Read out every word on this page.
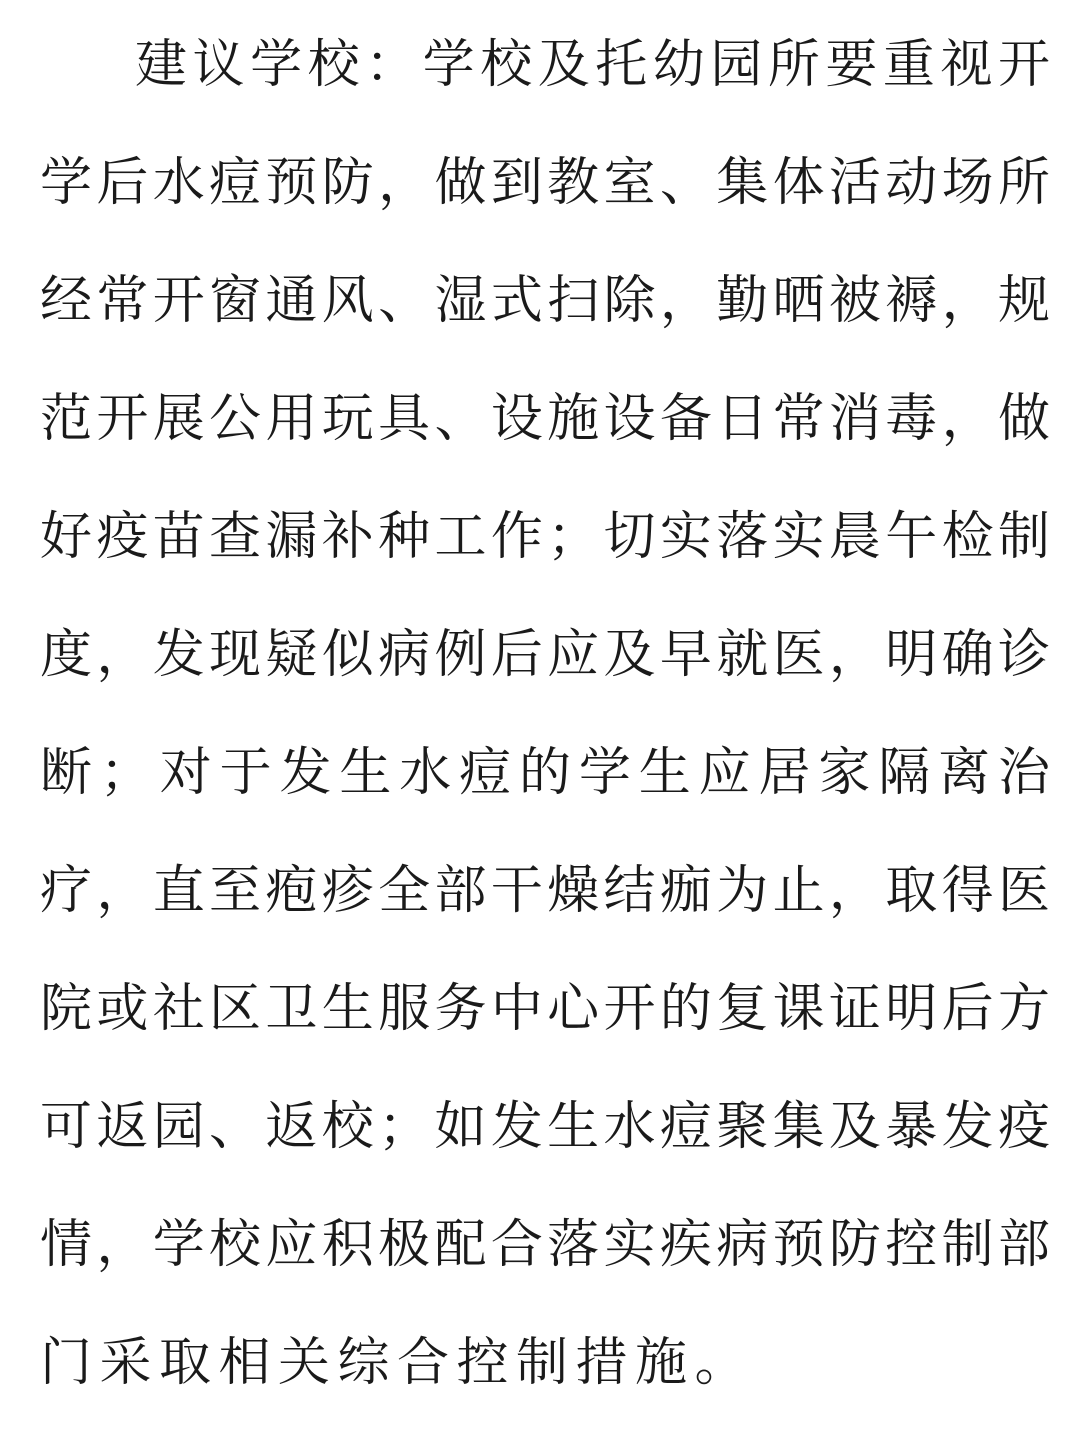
建议学校：学校及托幼园所要重视开
学后水痘预防，做到教室、集体活动场所
经常开窗通风、湿式扫除，勤晒被褥，规
范开展公用玩具、设施设备日常消毒，做
好疫苗查漏补种工作；切实落实晨午检制
度，发现疑似病例后应及早就医，明确诊
断；对于发生水痘的学生应居家隔离治
疗，直至疱疹全部干燥结痂为止，取得医
院或社区卫生服务中心开的复课证明后方
可返园、返校；如发生水痘聚集及暴发疫
情，学校应积极配合落实疾病预防控制部
门采取相关综合控制措施。
